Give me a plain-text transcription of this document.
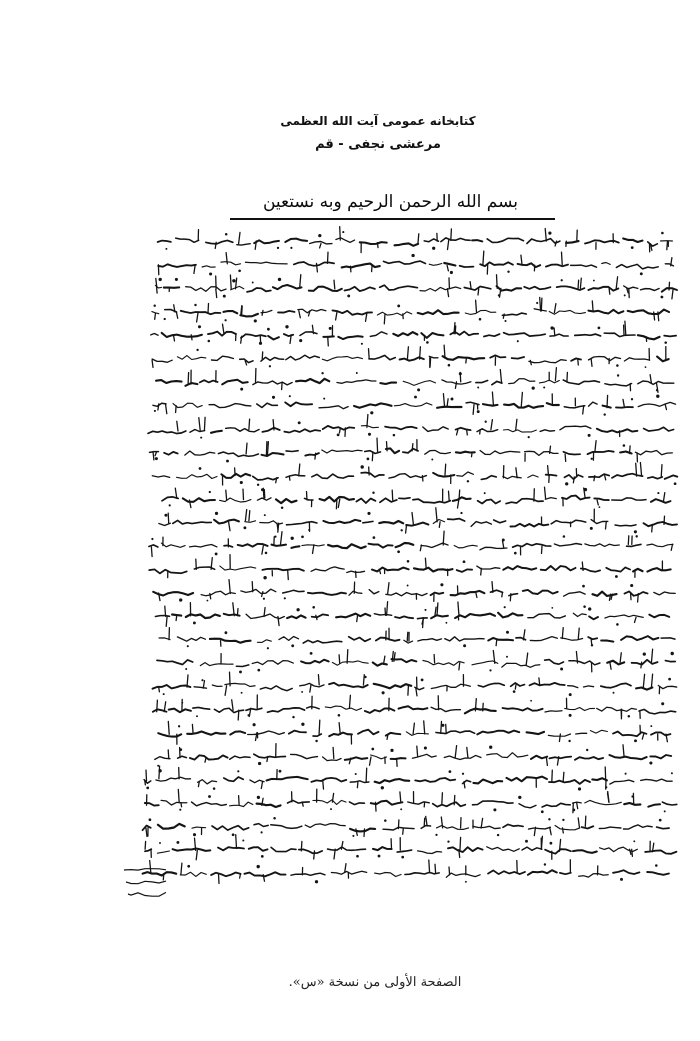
كتابخانه عمومى آيت الله العظمى
مرعشى نجفى - قم
بسم الله الرحمن الرحيم وبه نستعين
الصفحة الأولى من نسخة «س».
